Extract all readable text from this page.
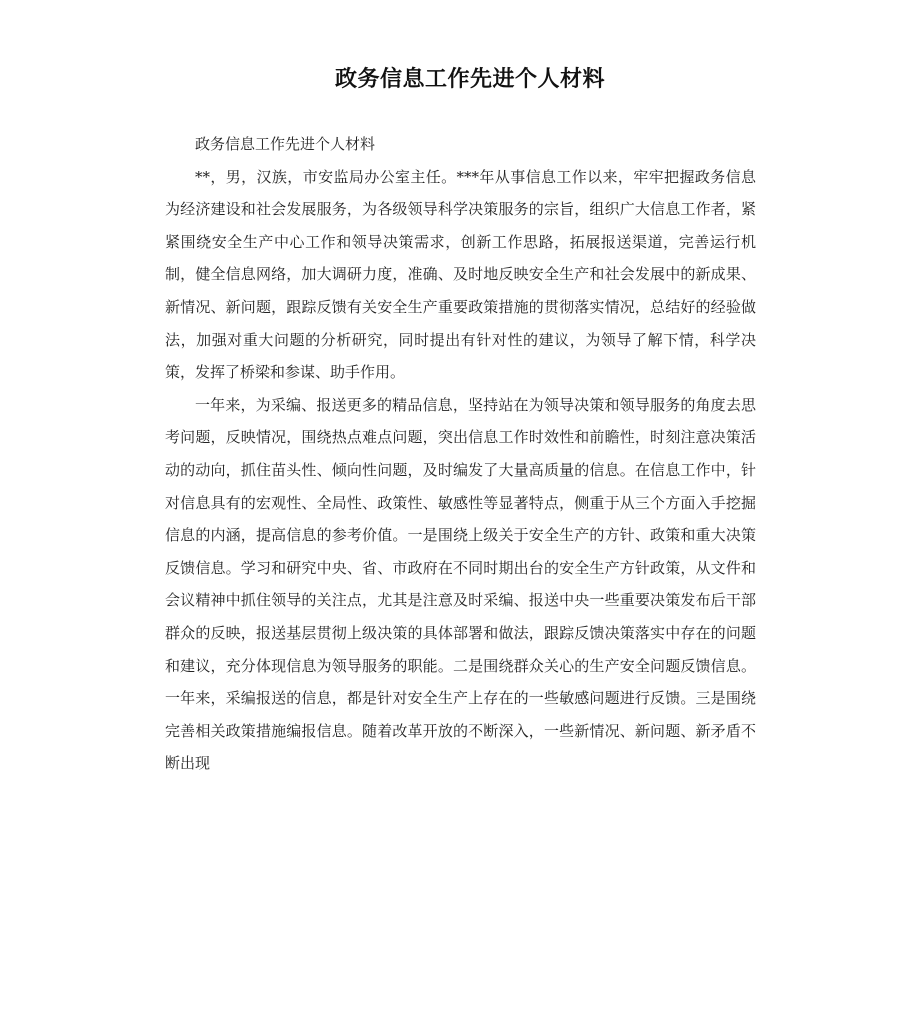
政务信息工作先进个人材料

政务信息工作先进个人材料

**，男，汉族，市安监局办公室主任。***年从事信息工作以来，牢牢把握政务信息为经济建设和社会发展服务，为各级领导科学决策服务的宗旨，组织广大信息工作者，紧紧围绕安全生产中心工作和领导决策需求，创新工作思路，拓展报送渠道，完善运行机制，健全信息网络，加大调研力度，准确、及时地反映安全生产和社会发展中的新成果、新情况、新问题，跟踪反馈有关安全生产重要政策措施的贯彻落实情况，总结好的经验做法，加强对重大问题的分析研究，同时提出有针对性的建议，为领导了解下情，科学决策，发挥了桥梁和参谋、助手作用。

一年来，为采编、报送更多的精品信息，坚持站在为领导决策和领导服务的角度去思考问题，反映情况，围绕热点难点问题，突出信息工作时效性和前瞻性，时刻注意决策活动的动向，抓住苗头性、倾向性问题，及时编发了大量高质量的信息。在信息工作中，针对信息具有的宏观性、全局性、政策性、敏感性等显著特点，侧重于从三个方面入手挖掘信息的内涵，提高信息的参考价值。一是围绕上级关于安全生产的方针、政策和重大决策反馈信息。学习和研究中央、省、市政府在不同时期出台的安全生产方针政策，从文件和会议精神中抓住领导的关注点，尤其是注意及时采编、报送中央一些重要决策发布后干部群众的反映，报送基层贯彻上级决策的具体部署和做法，跟踪反馈决策落实中存在的问题和建议，充分体现信息为领导服务的职能。二是围绕群众关心的生产安全问题反馈信息。一年来，采编报送的信息，都是针对安全生产上存在的一些敏感问题进行反馈。三是围绕完善相关政策措施编报信息。随着改革开放的不断深入，一些新情况、新问题、新矛盾不断出现
